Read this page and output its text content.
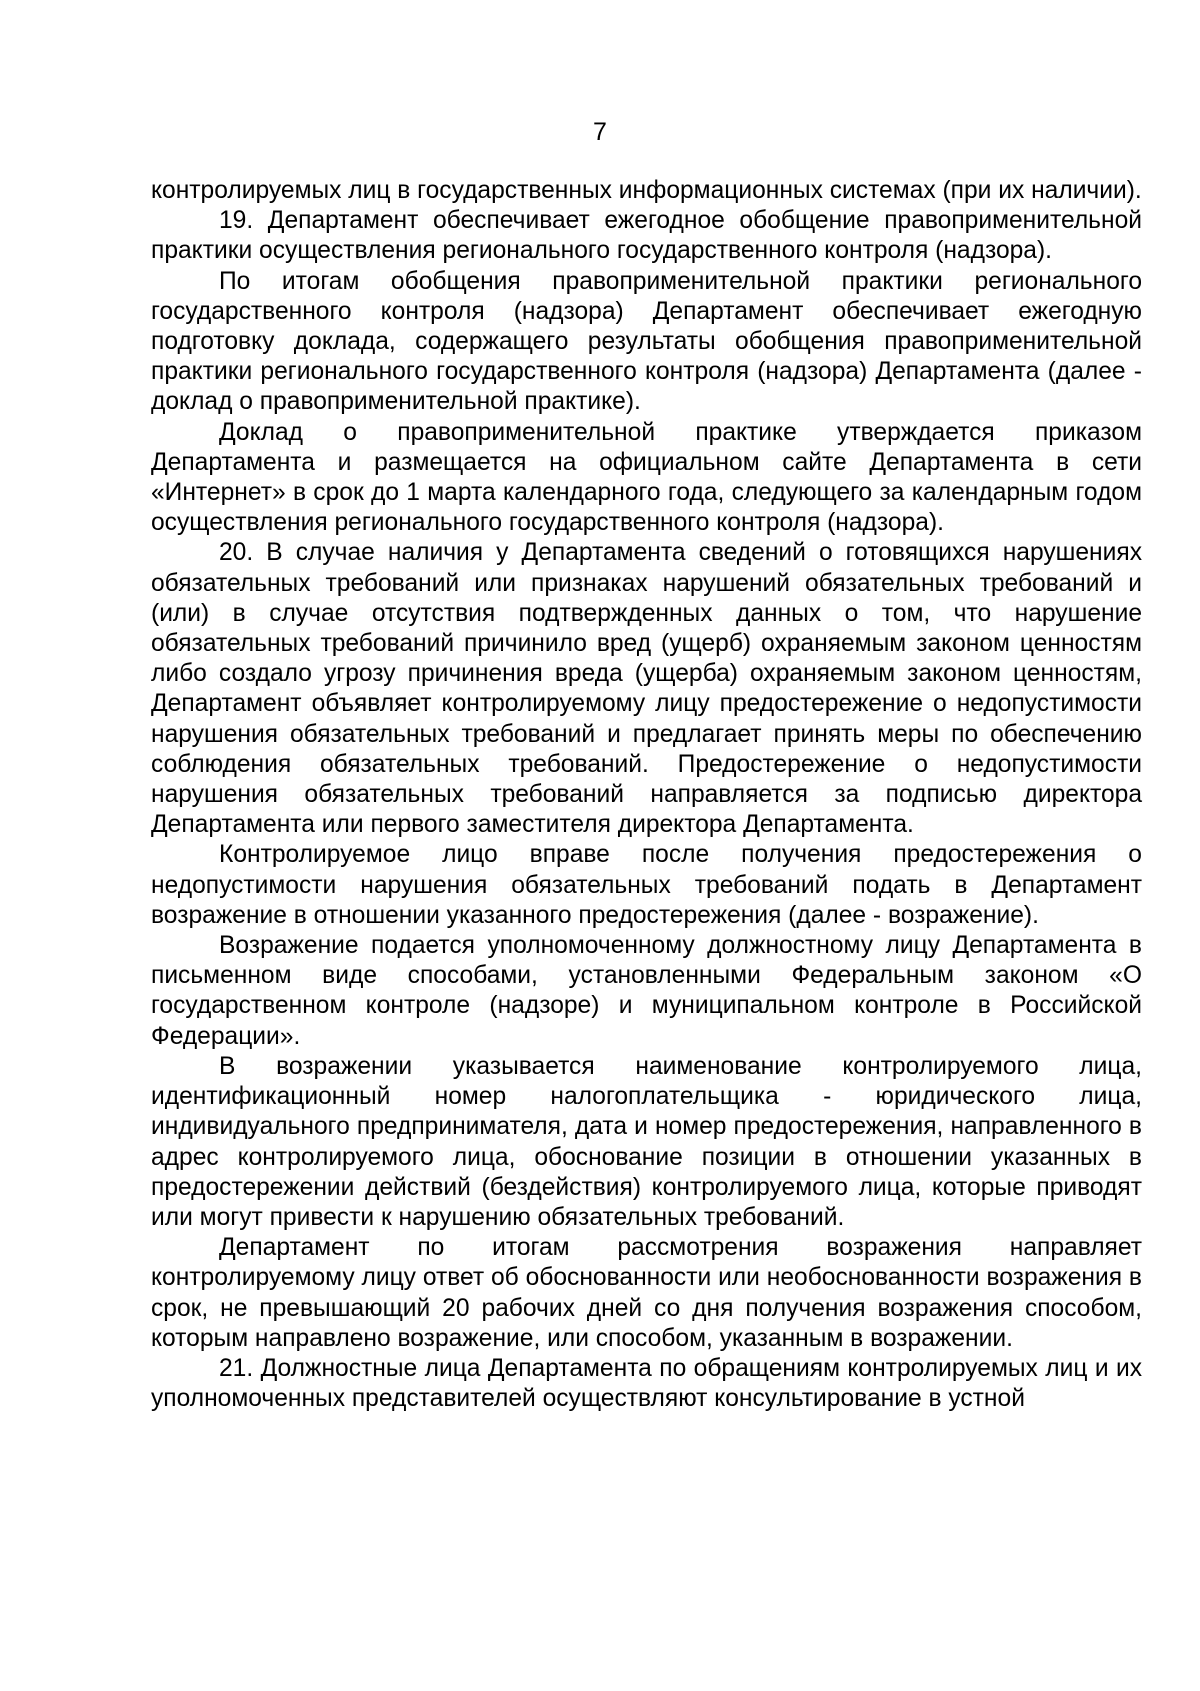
7

контролируемых лиц в государственных информационных системах (при их наличии).

19. Департамент обеспечивает ежегодное обобщение правоприменительной практики осуществления регионального государственного контроля (надзора).

По итогам обобщения правоприменительной практики регионального государственного контроля (надзора) Департамент обеспечивает ежегодную подготовку доклада, содержащего результаты обобщения правоприменительной практики регионального государственного контроля (надзора) Департамента (далее - доклад о правоприменительной практике).

Доклад о правоприменительной практике утверждается приказом Департамента и размещается на официальном сайте Департамента в сети «Интернет» в срок до 1 марта календарного года, следующего за календарным годом осуществления регионального государственного контроля (надзора).

20. В случае наличия у Департамента сведений о готовящихся нарушениях обязательных требований или признаках нарушений обязательных требований и (или) в случае отсутствия подтвержденных данных о том, что нарушение обязательных требований причинило вред (ущерб) охраняемым законом ценностям либо создало угрозу причинения вреда (ущерба) охраняемым законом ценностям, Департамент объявляет контролируемому лицу предостережение о недопустимости нарушения обязательных требований и предлагает принять меры по обеспечению соблюдения обязательных требований. Предостережение о недопустимости нарушения обязательных требований направляется за подписью директора Департамента или первого заместителя директора Департамента.

Контролируемое лицо вправе после получения предостережения о недопустимости нарушения обязательных требований подать в Департамент возражение в отношении указанного предостережения (далее - возражение).

Возражение подается уполномоченному должностному лицу Департамента в письменном виде способами, установленными Федеральным законом «О государственном контроле (надзоре) и муниципальном контроле в Российской Федерации».

В возражении указывается наименование контролируемого лица, идентификационный номер налогоплательщика - юридического лица, индивидуального предпринимателя, дата и номер предостережения, направленного в адрес контролируемого лица, обоснование позиции в отношении указанных в предостережении действий (бездействия) контролируемого лица, которые приводят или могут привести к нарушению обязательных требований.

Департамент по итогам рассмотрения возражения направляет контролируемому лицу ответ об обоснованности или необоснованности возражения в срок, не превышающий 20 рабочих дней со дня получения возражения способом, которым направлено возражение, или способом, указанным в возражении.

21. Должностные лица Департамента по обращениям контролируемых лиц и их уполномоченных представителей осуществляют консультирование в устной
